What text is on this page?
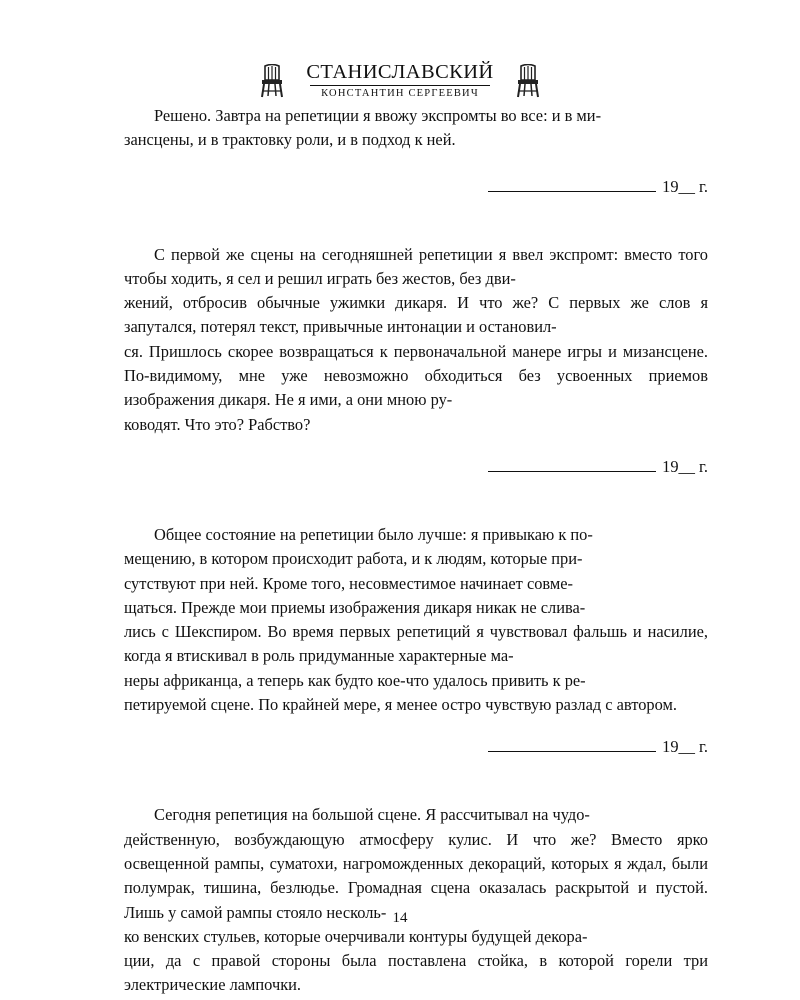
СТАНИСЛАВСКИЙ
КОНСТАНТИН СЕРГЕЕВИЧ

Решено. Завтра на репетиции я ввожу экспромты во все: и в ми-
зансцены, и в трактовку роли, и в подход к ней.

19__ г.

С первой же сцены на сегодняшней репетиции я ввел экспромт: вместо того чтобы ходить, я сел и решил играть без жестов, без дви-
жений, отбросив обычные ужимки дикаря. И что же? С первых же слов я запутался, потерял текст, привычные интонации и остановил-
ся. Пришлось скорее возвращаться к первоначальной манере игры и мизансцене. По-видимому, мне уже невозможно обходиться без усвоенных приемов изображения дикаря. Не я ими, а они мною ру-
ководят. Что это? Рабство?

19__ г.

Общее состояние на репетиции было лучше: я привыкаю к по-
мещению, в котором происходит работа, и к людям, которые при-
сутствуют при ней. Кроме того, несовместимое начинает совме-
щаться. Прежде мои приемы изображения дикаря никак не слива-
лись с Шекспиром. Во время первых репетиций я чувствовал фальшь и насилие, когда я втискивал в роль придуманные характерные ма-
неры африканца, а теперь как будто кое-что удалось привить к ре-
петируемой сцене. По крайней мере, я менее остро чувствую разлад с автором.

19__ г.

Сегодня репетиция на большой сцене. Я рассчитывал на чудо-
действенную, возбуждающую атмосферу кулис. И что же? Вместо ярко освещенной рампы, суматохи, нагроможденных декораций, которых я ждал, были полумрак, тишина, безлюдье. Громадная сцена оказалась раскрытой и пустой. Лишь у самой рампы стояло несколь-
ко венских стульев, которые очерчивали контуры будущей декора-
ции, да с правой стороны была поставлена стойка, в которой горели три электрические лампочки.

14
